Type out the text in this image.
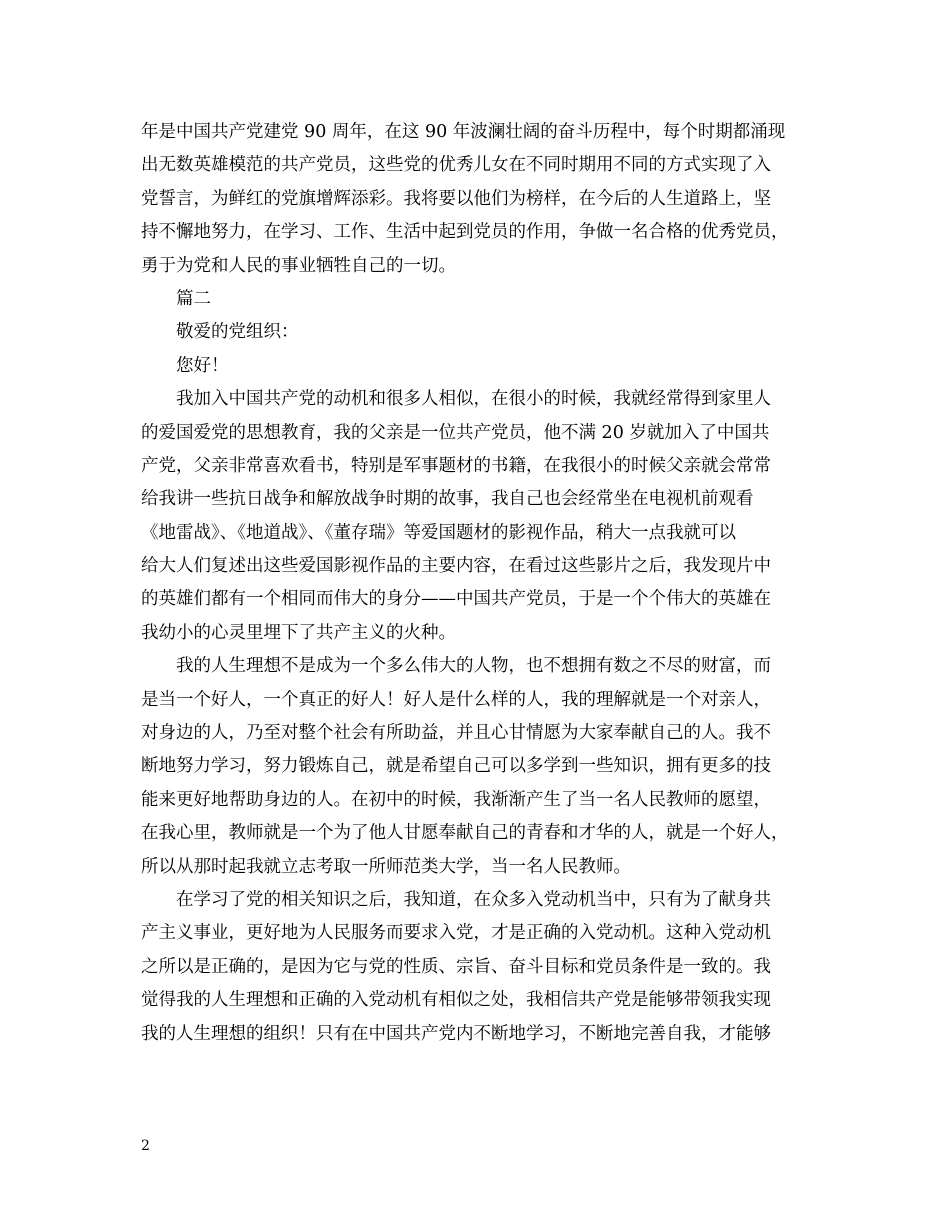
年是中国共产党建党 90 周年，在这 90 年波澜壮阔的奋斗历程中，每个时期都涌现
出无数英雄模范的共产党员，这些党的优秀儿女在不同时期用不同的方式实现了入
党誓言，为鲜红的党旗增辉添彩。我将要以他们为榜样，在今后的人生道路上，坚
持不懈地努力，在学习、工作、生活中起到党员的作用，争做一名合格的优秀党员，
勇于为党和人民的事业牺牲自己的一切。
篇二
敬爱的党组织：
您好！
我加入中国共产党的动机和很多人相似，在很小的时候，我就经常得到家里人
的爱国爱党的思想教育，我的父亲是一位共产党员，他不满 20 岁就加入了中国共
产党，父亲非常喜欢看书，特别是军事题材的书籍，在我很小的时候父亲就会常常
给我讲一些抗日战争和解放战争时期的故事，我自己也会经常坐在电视机前观看
《地雷战》、《地道战》、《董存瑞》等爱国题材的影视作品，稍大一点我就可以
给大人们复述出这些爱国影视作品的主要内容，在看过这些影片之后，我发现片中
的英雄们都有一个相同而伟大的身分——中国共产党员，于是一个个伟大的英雄在
我幼小的心灵里埋下了共产主义的火种。
我的人生理想不是成为一个多么伟大的人物，也不想拥有数之不尽的财富，而
是当一个好人，一个真正的好人！好人是什么样的人，我的理解就是一个对亲人，
对身边的人，乃至对整个社会有所助益，并且心甘情愿为大家奉献自己的人。我不
断地努力学习，努力锻炼自己，就是希望自己可以多学到一些知识，拥有更多的技
能来更好地帮助身边的人。在初中的时候，我渐渐产生了当一名人民教师的愿望，
在我心里，教师就是一个为了他人甘愿奉献自己的青春和才华的人，就是一个好人，
所以从那时起我就立志考取一所师范类大学，当一名人民教师。
在学习了党的相关知识之后，我知道，在众多入党动机当中，只有为了献身共
产主义事业，更好地为人民服务而要求入党，才是正确的入党动机。这种入党动机
之所以是正确的，是因为它与党的性质、宗旨、奋斗目标和党员条件是一致的。我
觉得我的人生理想和正确的入党动机有相似之处，我相信共产党是能够带领我实现
我的人生理想的组织！只有在中国共产党内不断地学习，不断地完善自我，才能够
2
